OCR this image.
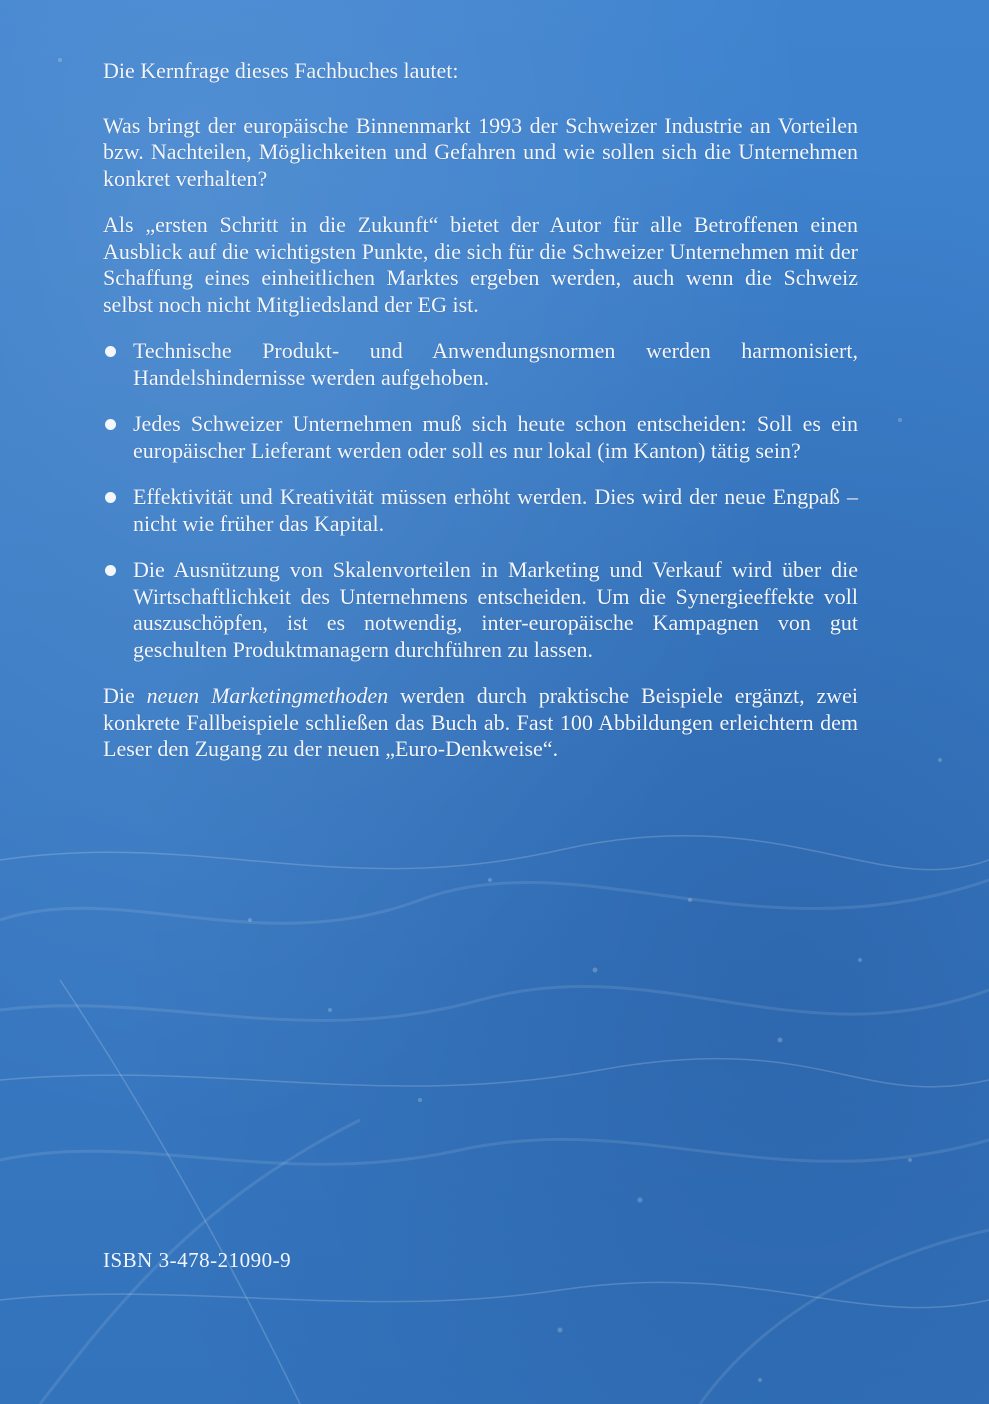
Die Kernfrage dieses Fachbuches lautet:

Was bringt der europäische Binnenmarkt 1993 der Schweizer Industrie an Vorteilen bzw. Nachteilen, Möglichkeiten und Gefahren und wie sollen sich die Unternehmen konkret verhalten?

Als „ersten Schritt in die Zukunft“ bietet der Autor für alle Betroffenen einen Ausblick auf die wichtigsten Punkte, die sich für die Schweizer Unternehmen mit der Schaffung eines einheitlichen Marktes ergeben werden, auch wenn die Schweiz selbst noch nicht Mitgliedsland der EG ist.

Technische Produkt- und Anwendungsnormen werden harmonisiert, Handelshindernisse werden aufgehoben.
Jedes Schweizer Unternehmen muß sich heute schon entscheiden: Soll es ein europäischer Lieferant werden oder soll es nur lokal (im Kanton) tätig sein?
Effektivität und Kreativität müssen erhöht werden. Dies wird der neue Engpaß – nicht wie früher das Kapital.
Die Ausnützung von Skalenvorteilen in Marketing und Verkauf wird über die Wirtschaftlichkeit des Unternehmens entscheiden. Um die Synergieeffekte voll auszuschöpfen, ist es notwendig, inter-europäische Kampagnen von gut geschulten Produktmanagern durchführen zu lassen.

Die neuen Marketingmethoden werden durch praktische Beispiele ergänzt, zwei konkrete Fallbeispiele schließen das Buch ab. Fast 100 Abbildungen erleichtern dem Leser den Zugang zu der neuen „Euro-Denkweise“.

ISBN 3-478-21090-9
